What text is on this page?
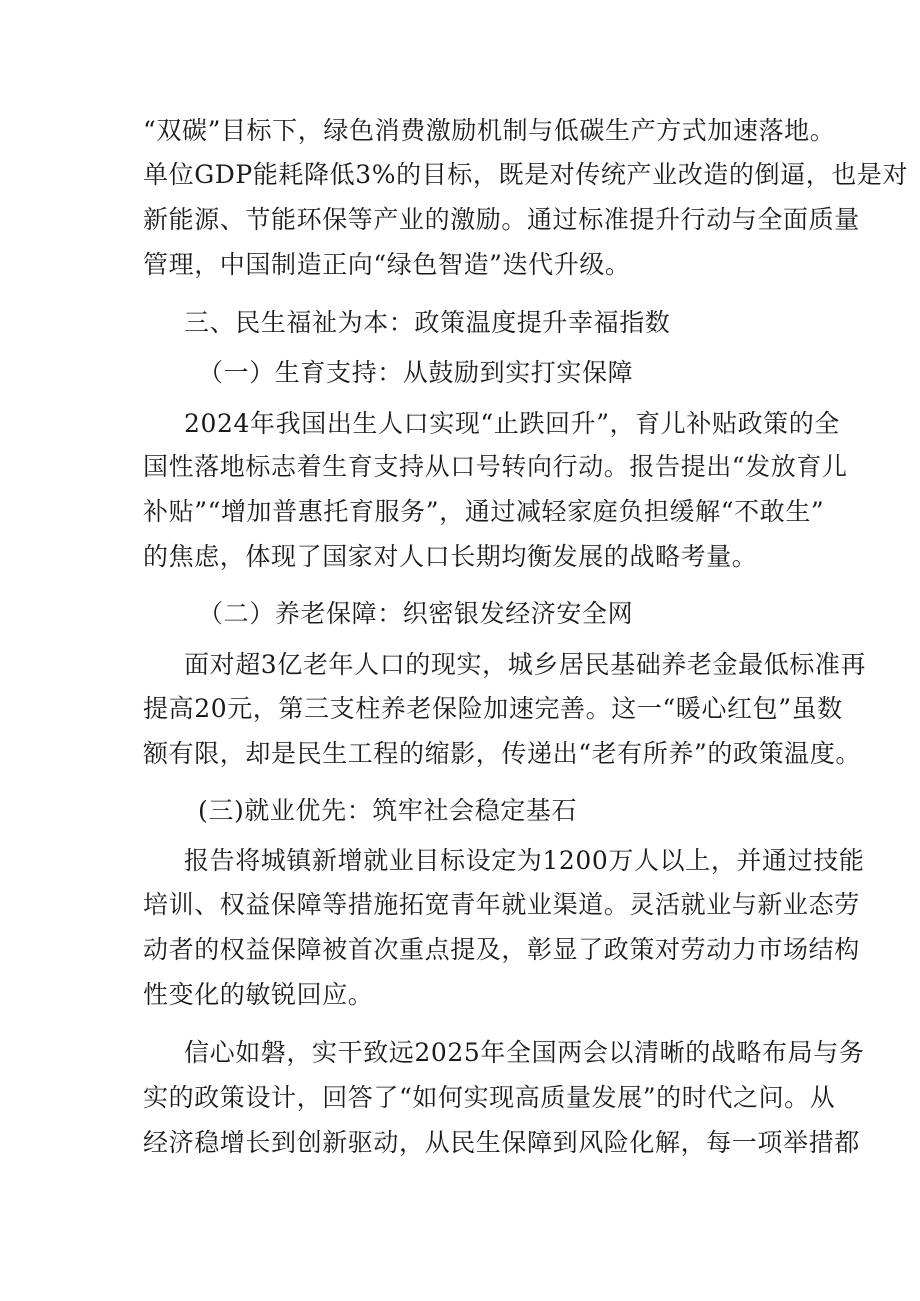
“双碳”目标下，绿色消费激励机制与低碳生产方式加速落地。
单位GDP能耗降低3%的目标，既是对传统产业改造的倒逼，也是对
新能源、节能环保等产业的激励。通过标准提升行动与全面质量
管理，中国制造正向“绿色智造”迭代升级。
三、民生福祉为本：政策温度提升幸福指数
（一）生育支持：从鼓励到实打实保障
2024年我国出生人口实现“止跌回升”，育儿补贴政策的全
国性落地标志着生育支持从口号转向行动。报告提出“发放育儿
补贴”“增加普惠托育服务”，通过减轻家庭负担缓解“不敢生”
的焦虑，体现了国家对人口长期均衡发展的战略考量。
（二）养老保障：织密银发经济安全网
面对超3亿老年人口的现实，城乡居民基础养老金最低标准再
提高20元，第三支柱养老保险加速完善。这一“暖心红包”虽数
额有限，却是民生工程的缩影，传递出“老有所养”的政策温度。
(三)就业优先：筑牢社会稳定基石
报告将城镇新增就业目标设定为1200万人以上，并通过技能
培训、权益保障等措施拓宽青年就业渠道。灵活就业与新业态劳
动者的权益保障被首次重点提及，彰显了政策对劳动力市场结构
性变化的敏锐回应。
信心如磐，实干致远2025年全国两会以清晰的战略布局与务
实的政策设计，回答了“如何实现高质量发展”的时代之问。从
经济稳增长到创新驱动，从民生保障到风险化解，每一项举措都
